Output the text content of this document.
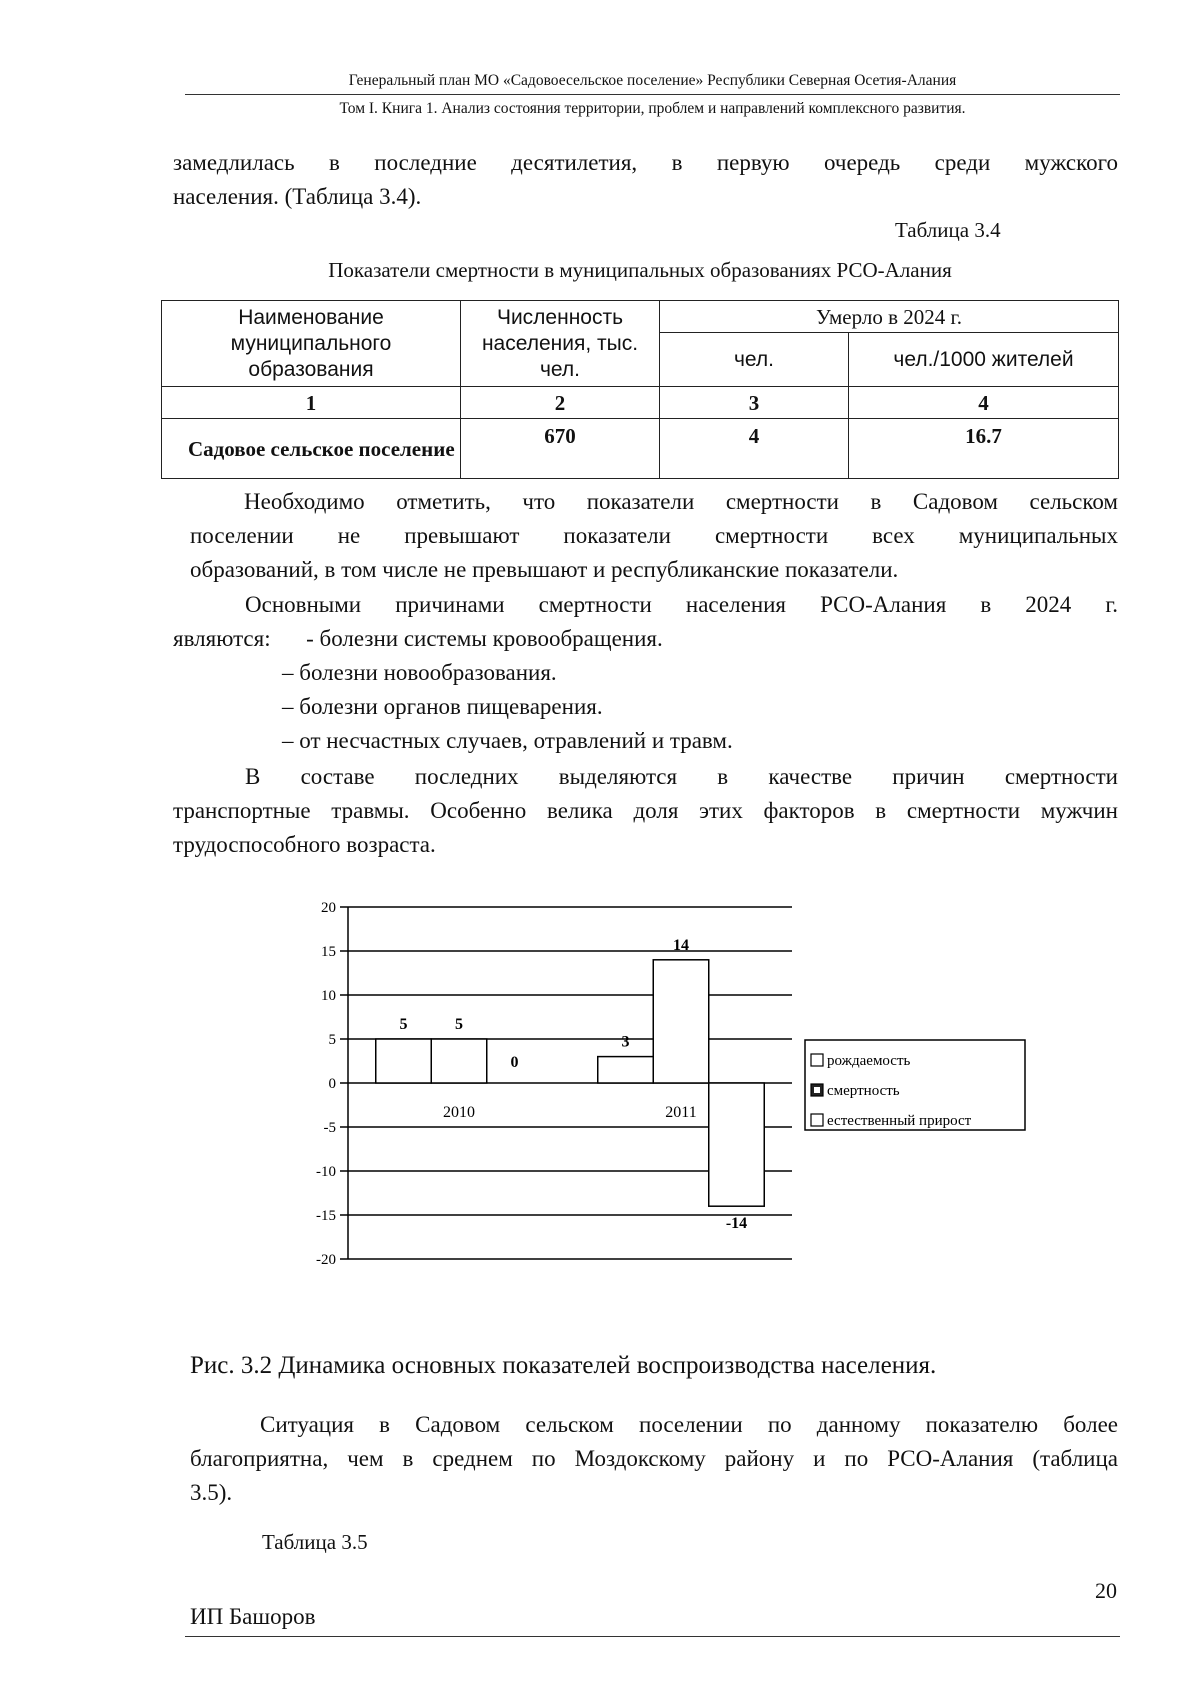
Генеральный план МО «Садовоесельское поселение» Республики Северная Осетия-Алания
Том I. Книга 1. Анализ состояния территории, проблем и направлений комплексного развития.
замедлилась в последние десятилетия, в первую очередь среди мужского
населения. (Таблица 3.4).
Таблица 3.4
Показатели смертности в муниципальных образованиях РСО-Алания
Наименование муниципального образования	Численность населения, тыс. чел.	Умерло в 2024 г.	
		чел.	чел./1000 жителей
1	2	3	4
Садовое сельское поселение	670	4	16.7
Необходимо отметить, что показатели смертности в Садовом сельском
поселении не превышают показатели смертности всех муниципальных
образований, в том числе не превышают и республиканские показатели.
Основными причинами смертности населения РСО-Алания в 2024 г.
являются: - болезни системы кровообращения.
– болезни новообразования.
– болезни органов пищеварения.
– от несчастных случаев, отравлений и травм.
В составе последних выделяются в качестве причин смертности
транспортные травмы. Особенно велика доля этих факторов в смертности мужчин
трудоспособного возраста.
20
15
10
5
0
-5
-10
-15
-20
5	5
0
2010
3
14
-14
2011
рождаемость
смертность
естественный прирост
Рис. 3.2 Динамика основных показателей воспроизводства населения.
Ситуация в Садовом сельском поселении по данному показателю более
благоприятна, чем в среднем по Моздокскому району и по РСО-Алания (таблица
3.5).
Таблица 3.5
20
ИП Башоров
